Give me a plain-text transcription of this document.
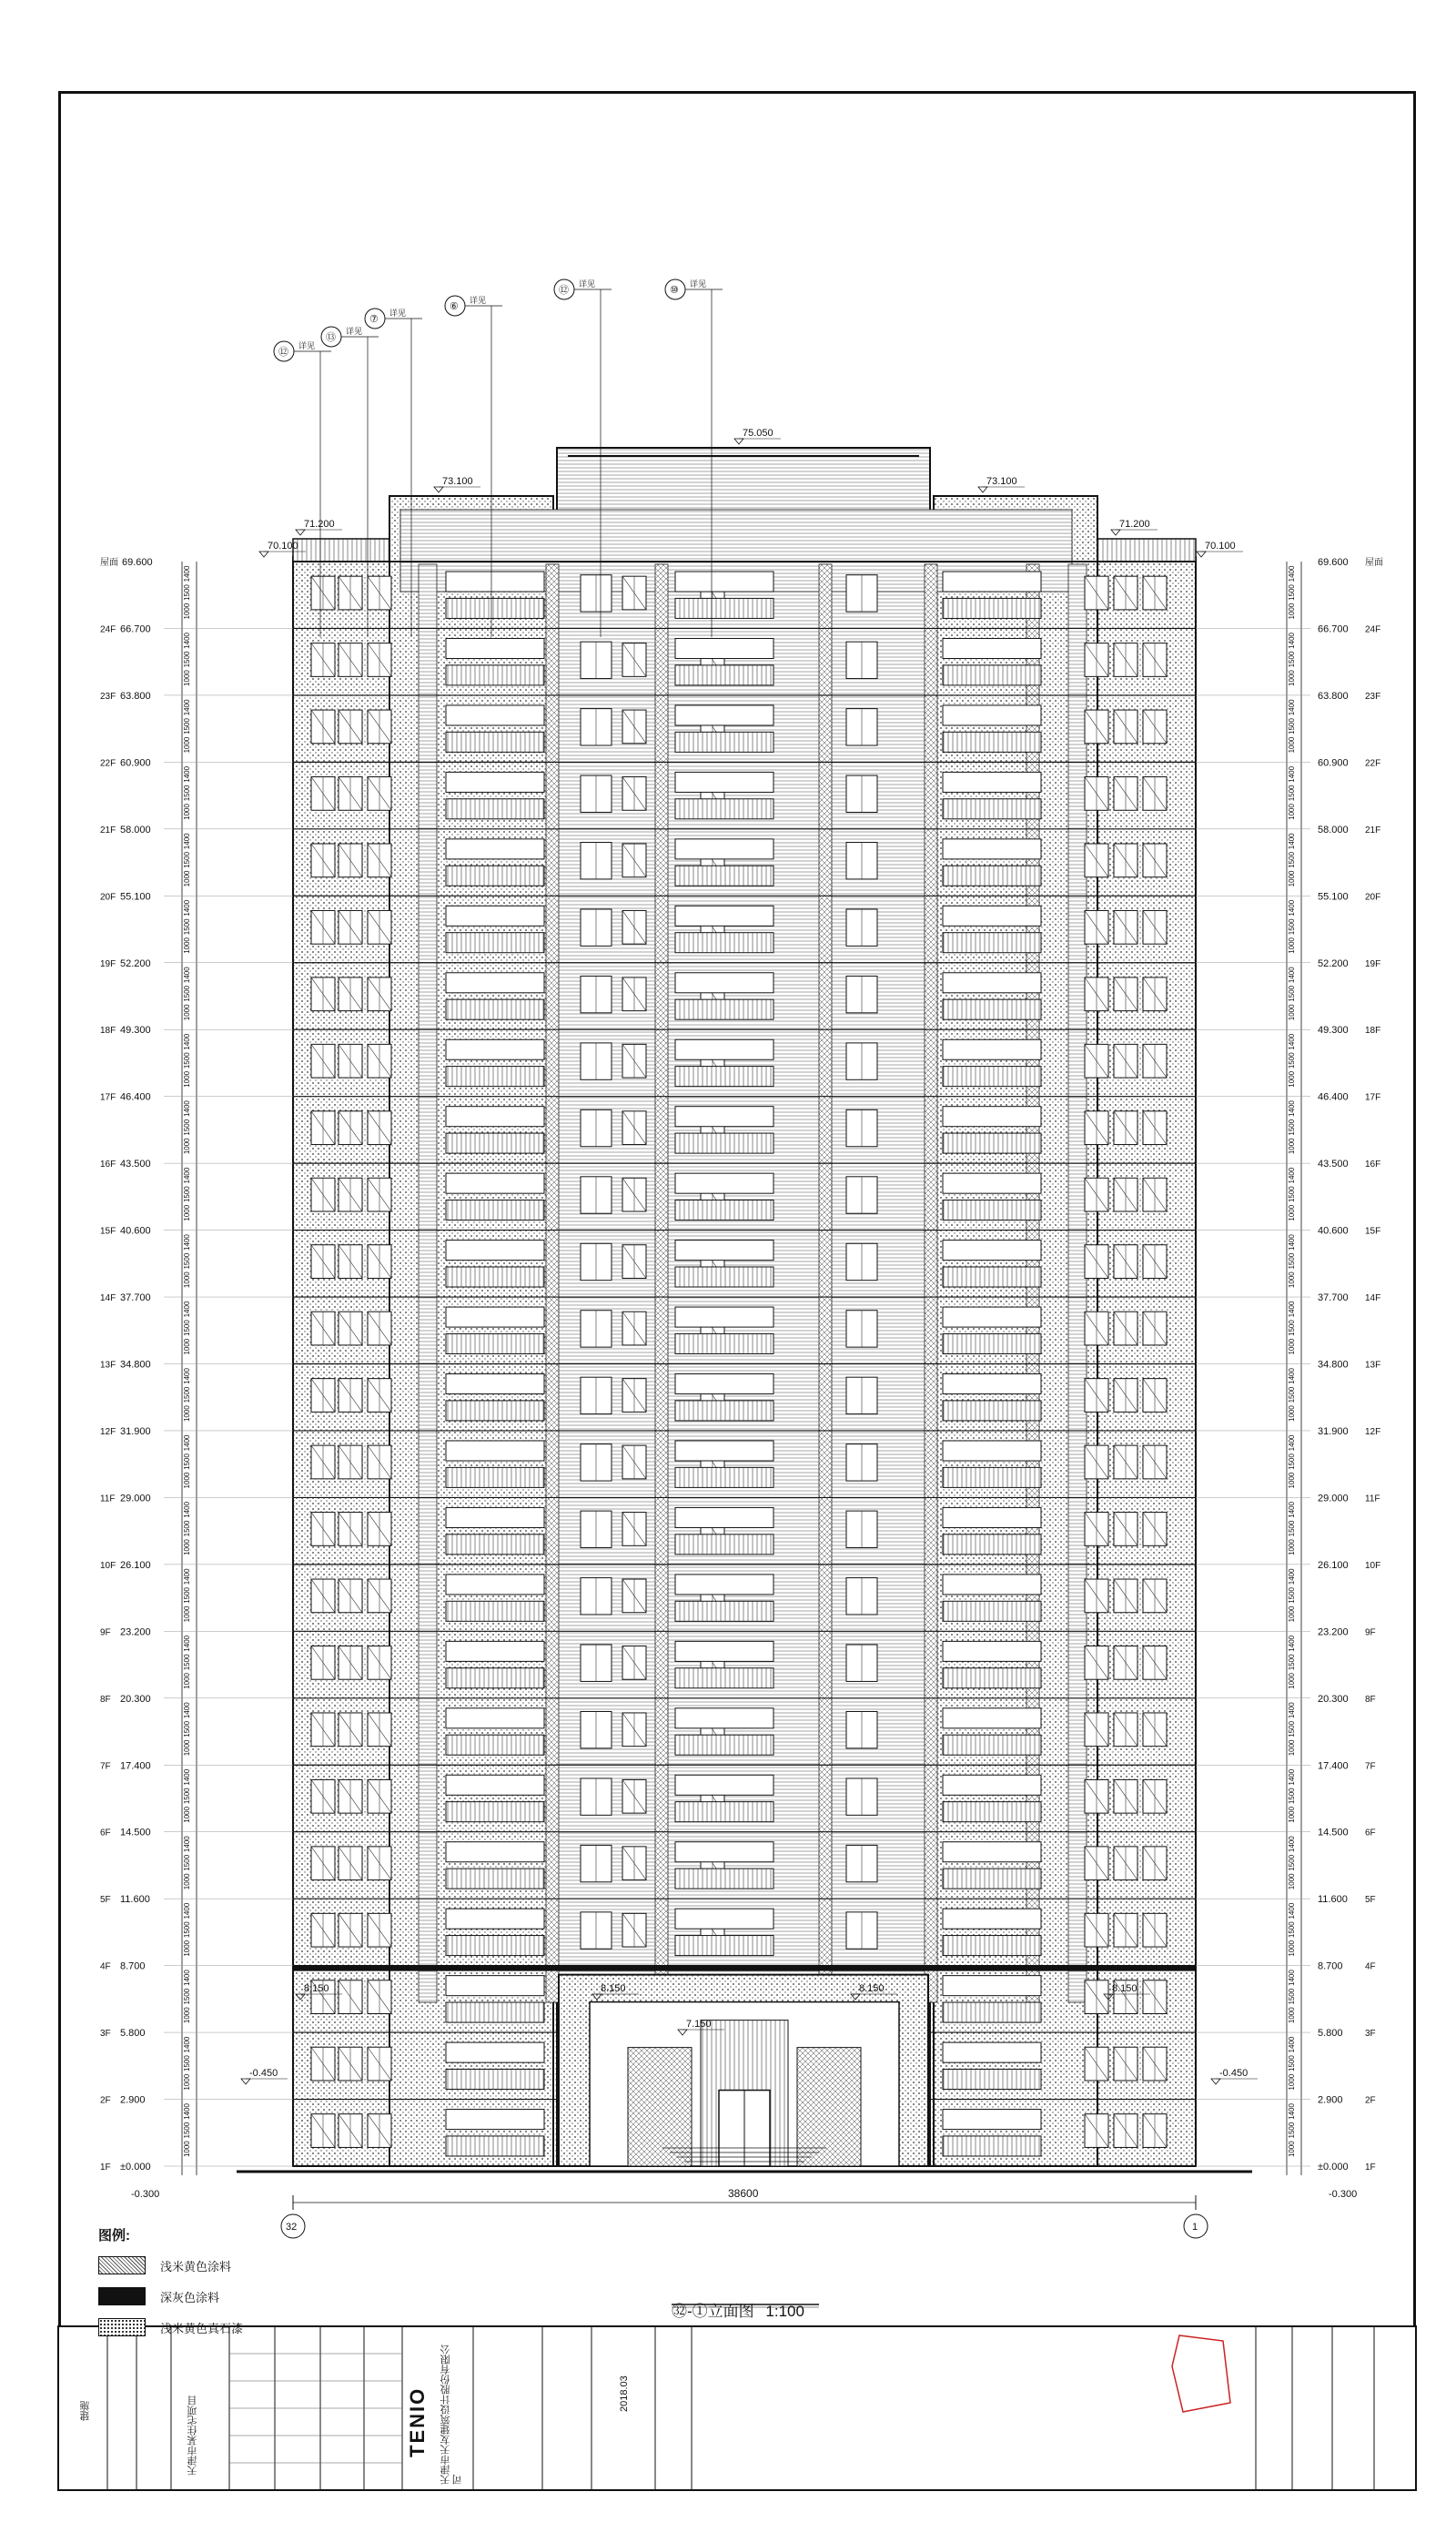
⑫
详见
⑬
详见
⑦
详见
⑥
详见
⑫
详见
⑩
详见
75.050
73.100	73.100
71.200	71.200
70.100	70.100
8.150	8.150	8.150	8.150
7.150
-0.450	-0.450
屋面 69.600	69.600 屋面
24F 66.700	66.700 24F
1400	1400
1500	1500
1000	1000
23F 63.800	63.800 23F
1400	1400
1500	1500
1000	1000
22F 60.900	60.900 22F
1400	1400
1500	1500
1000	1000
21F 58.000	58.000 21F
1400	1400
1500	1500
1000	1000
20F 55.100	55.100 20F
1400	1400
1500	1500
1000	1000
19F 52.200	52.200 19F
1400	1400
1500	1500
1000	1000
18F 49.300	49.300 18F
1400	1400
1500	1500
1000	1000
17F 46.400	46.400 17F
1400	1400
1500	1500
1000	1000
16F 43.500	43.500 16F
1400	1400
1500	1500
1000	1000
15F 40.600	40.600 15F
1400	1400
1500	1500
1000	1000
14F 37.700	37.700 14F
1400	1400
1500	1500
1000	1000
13F 34.800	34.800 13F
1400	1400
1500	1500
1000	1000
12F 31.900	31.900 12F
1400	1400
1500	1500
1000	1000
11F 29.000	29.000 11F
1400	1400
1500	1500
1000	1000
10F 26.100	26.100 10F
1400	1400
1500	1500
1000	1000
9F 23.200	23.200 9F
1400	1400
1500	1500
1000	1000
8F 20.300	20.300 8F
1400	1400
1500	1500
1000	1000
7F 17.400	17.400 7F
1400	1400
1500	1500
1000	1000
6F 14.500	14.500 6F
1400	1400
1500	1500
1000	1000
5F 11.600	11.600 5F
1400	1400
1500	1500
1000	1000
4F 8.700	8.700 4F
1400	1400
1500	1500
1000	1000
3F 5.800	5.800 3F
1400	1400
1500	1500
1000	1000
2F 2.900	2.900 2F
1400	1400
1500	1500
1000	1000
1F ±0.000	±0.000 1F
1400	1400
1500	1500
1000	1000
-0.300	-0.300
38600
32	1
图例:
浅米黄色涂料
深灰色涂料
浅米黄色真石漆
㉜-①立面图 1:100
TENIO 天津市天友建筑设计股份有限公司
天津市某住宅项目
建施	2018.03
